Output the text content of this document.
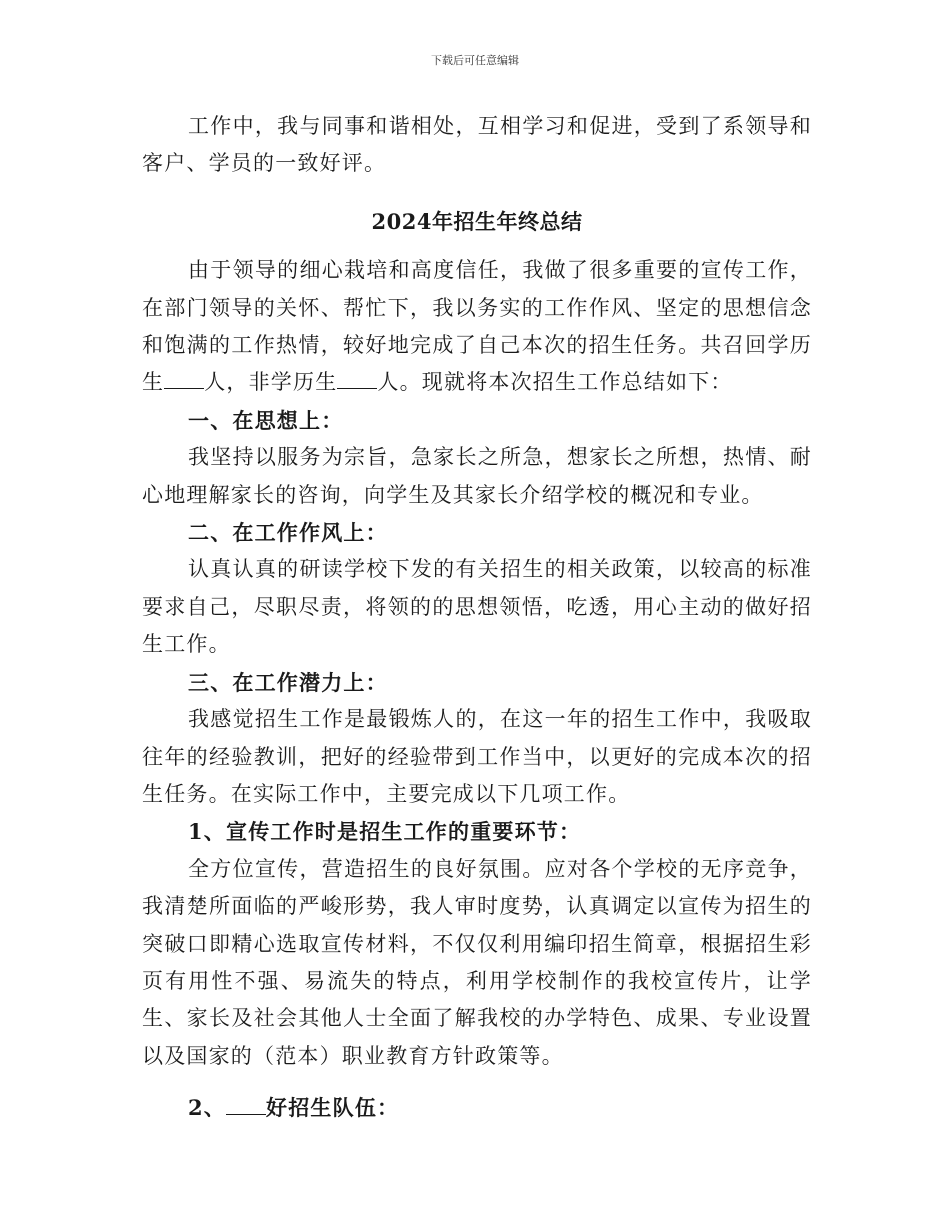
下载后可任意编辑

工作中，我与同事和谐相处，互相学习和促进，受到了系领导和客户、学员的一致好评。

2024年招生年终总结

由于领导的细心栽培和高度信任，我做了很多重要的宣传工作，在部门领导的关怀、帮忙下，我以务实的工作作风、坚定的思想信念和饱满的工作热情，较好地完成了自己本次的招生任务。共召回学历生 人，非学历生 人。现就将本次招生工作总结如下：

一、在思想上：

我坚持以服务为宗旨，急家长之所急，想家长之所想，热情、耐心地理解家长的咨询，向学生及其家长介绍学校的概况和专业。

二、在工作作风上：

认真认真的研读学校下发的有关招生的相关政策，以较高的标准要求自己，尽职尽责，将领的的思想领悟，吃透，用心主动的做好招生工作。

三、在工作潜力上：

我感觉招生工作是最锻炼人的，在这一年的招生工作中，我吸取往年的经验教训，把好的经验带到工作当中，以更好的完成本次的招生任务。在实际工作中，主要完成以下几项工作。

1、宣传工作时是招生工作的重要环节：

全方位宣传，营造招生的良好氛围。应对各个学校的无序竞争，我清楚所面临的严峻形势，我人审时度势，认真调定以宣传为招生的突破口即精心选取宣传材料，不仅仅利用编印招生简章，根据招生彩页有用性不强、易流失的特点，利用学校制作的我校宣传片，让学生、家长及社会其他人士全面了解我校的办学特色、成果、专业设置以及国家的（范本）职业教育方针政策等。

2、 好招生队伍：
